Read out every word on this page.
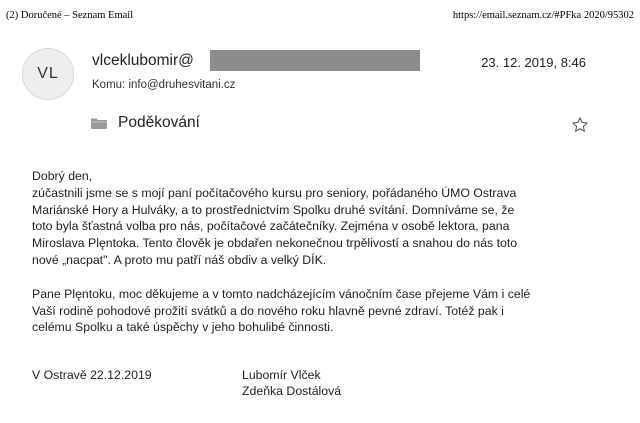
(2) Doručené – Seznam Email	https://email.seznam.cz/#PFka 2020/95302
VL
vlceklubomir@	23. 12. 2019, 8:46
Komu: info@druhesvitani.cz
Poděkování

Dobrý den,

zúčastnili jsme se s mojí paní počítačového kursu pro seniory, pořádaného ÚMO Ostrava
Mariánské Hory a Hulváky, a to prostřednictvím Spolku druhé svítání. Domníváme se, že
toto byla šťastná volba pro nás, počítačové začátečníky. Zejména v osobě lektora, pana
Miroslava Plęntoka. Tento člověk je obdařen nekonečnou trpělivostí a snahou do nás toto
nové „nacpat". A proto mu patří náš obdiv a velký DÍK.

Pane Plęntoku, moc děkujeme a v tomto nadcházejícím vánočním čase přejeme Vám i celé
Vaší rodině pohodové prožití svátků a do nového roku hlavně pevné zdraví. Totéž pak i
celému Spolku a také úspěchy v jeho bohulibé činnosti.

V Ostravě 22.12.2019	Lubomír Vlček
Zdeňka Dostálová
